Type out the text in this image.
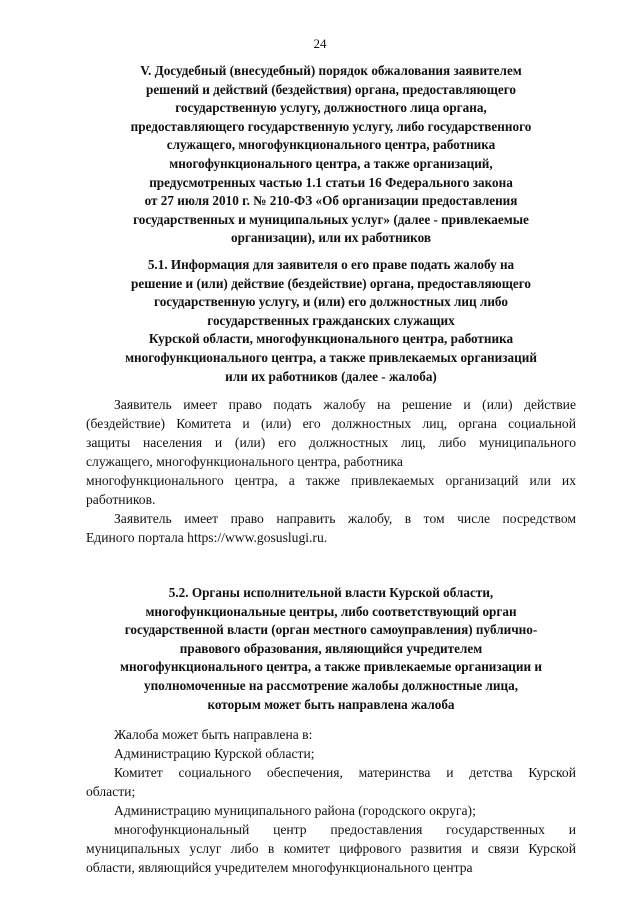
24
V. Досудебный (внесудебный) порядок обжалования заявителем
решений и действий (бездействия) органа, предоставляющего
государственную услугу, должностного лица органа,
предоставляющего государственную услугу, либо государственного
служащего, многофункционального центра, работника
многофункционального центра, а также организаций,
предусмотренных частью 1.1 статьи 16 Федерального закона
от 27 июля 2010 г. № 210-ФЗ «Об организации предоставления
государственных и муниципальных услуг» (далее - привлекаемые
организации), или их работников
5.1. Информация для заявителя о его праве подать жалобу на
решение и (или) действие (бездействие) органа, предоставляющего
государственную услугу, и (или) его должностных лиц либо
государственных гражданских служащих
Курской области, многофункционального центра, работника
многофункционального центра, а также привлекаемых организаций
или их работников (далее - жалоба)
Заявитель имеет право подать жалобу на решение и (или) действие
(бездействие) Комитета и (или) его должностных лиц, органа социальной
защиты населения и (или) его должностных лиц, либо муниципального
служащего, многофункционального центра, работника
многофункционального центра, а также привлекаемых организаций или их
работников.
Заявитель имеет право направить жалобу, в том числе посредством
Единого портала https://www.gosuslugi.ru.
5.2. Органы исполнительной власти Курской области,
многофункциональные центры, либо соответствующий орган
государственной власти (орган местного самоуправления) публично-
правового образования, являющийся учредителем
многофункционального центра, а также привлекаемые организации и
уполномоченные на рассмотрение жалобы должностные лица,
которым может быть направлена жалоба
Жалоба может быть направлена в:
Администрацию Курской области;
Комитет социального обеспечения, материнства и детства Курской
области;
Администрацию муниципального района (городского округа);
многофункциональный центр предоставления государственных и
муниципальных услуг либо в комитет цифрового развития и связи Курской
области, являющийся учредителем многофункционального центра
